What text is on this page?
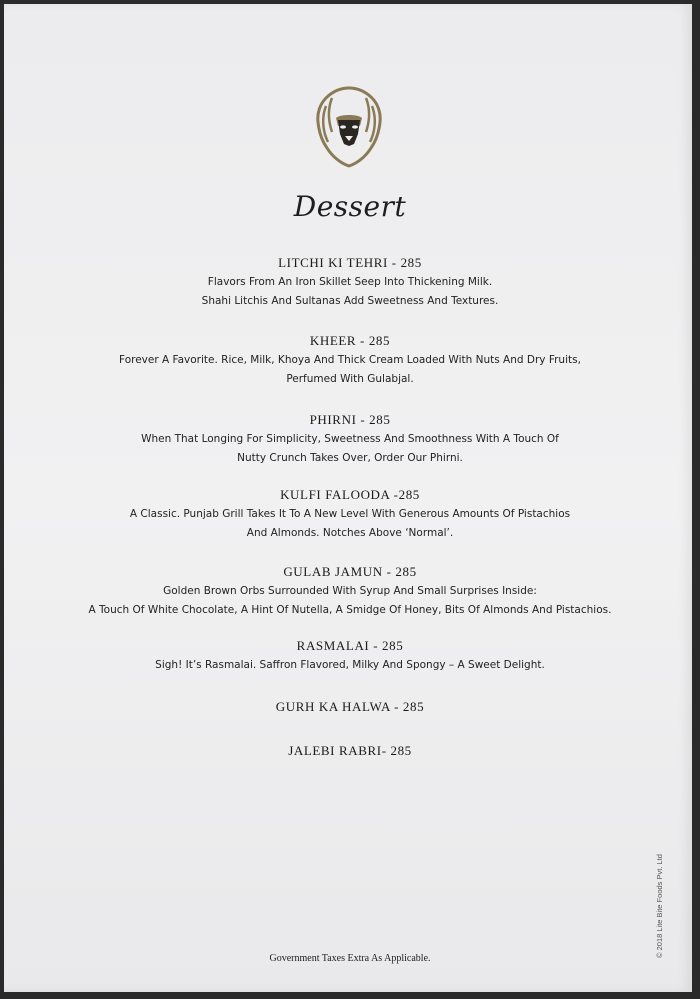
Dessert
LITCHI KI TEHRI - 285
Flavors From An Iron Skillet Seep Into Thickening Milk.
Shahi Litchis And Sultanas Add Sweetness And Textures.
KHEER - 285
Forever A Favorite. Rice, Milk, Khoya And Thick Cream Loaded With Nuts And Dry Fruits,
Perfumed With Gulabjal.
PHIRNI - 285
When That Longing For Simplicity, Sweetness And Smoothness With A Touch Of
Nutty Crunch Takes Over, Order Our Phirni.
KULFI FALOODA -285
A Classic. Punjab Grill Takes It To A New Level With Generous Amounts Of Pistachios
And Almonds. Notches Above ‘Normal’.
GULAB JAMUN - 285
Golden Brown Orbs Surrounded With Syrup And Small Surprises Inside:
A Touch Of White Chocolate, A Hint Of Nutella, A Smidge Of Honey, Bits Of Almonds And Pistachios.
RASMALAI - 285
Sigh! It’s Rasmalai. Saffron Flavored, Milky And Spongy – A Sweet Delight.
GURH KA HALWA - 285
JALEBI RABRI- 285
Government Taxes Extra As Applicable.
© 2018 Lite Bite Foods Pvt. Ltd
